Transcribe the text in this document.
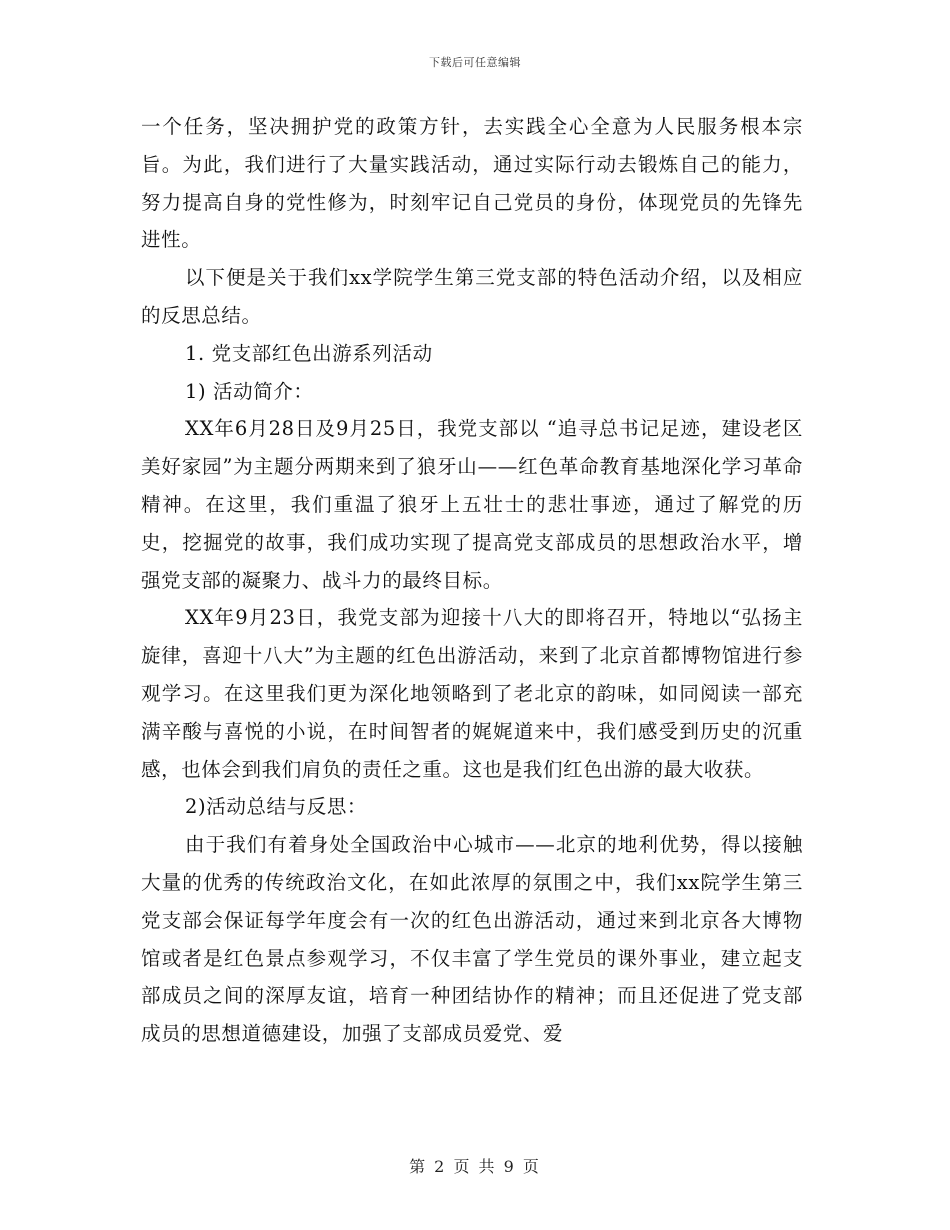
下载后可任意编辑

一个任务，坚决拥护党的政策方针，去实践全心全意为人民服务根本宗旨。为此，我们进行了大量实践活动，通过实际行动去锻炼自己的能力，努力提高自身的党性修为，时刻牢记自己党员的身份，体现党员的先锋先进性。

以下便是关于我们xx学院学生第三党支部的特色活动介绍，以及相应的反思总结。

1. 党支部红色出游系列活动

1) 活动简介：

XX年6月28日及9月25日，我党支部以 “追寻总书记足迹，建设老区美好家园”为主题分两期来到了狼牙山——红色革命教育基地深化学习革命精神。在这里，我们重温了狼牙上五壮士的悲壮事迹，通过了解党的历史，挖掘党的故事，我们成功实现了提高党支部成员的思想政治水平，增强党支部的凝聚力、战斗力的最终目标。

XX年9月23日，我党支部为迎接十八大的即将召开，特地以“弘扬主旋律，喜迎十八大”为主题的红色出游活动，来到了北京首都博物馆进行参观学习。在这里我们更为深化地领略到了老北京的韵味，如同阅读一部充满辛酸与喜悦的小说，在时间智者的娓娓道来中，我们感受到历史的沉重感，也体会到我们肩负的责任之重。这也是我们红色出游的最大收获。

2)活动总结与反思：

由于我们有着身处全国政治中心城市——北京的地利优势，得以接触大量的优秀的传统政治文化，在如此浓厚的氛围之中，我们xx院学生第三党支部会保证每学年度会有一次的红色出游活动，通过来到北京各大博物馆或者是红色景点参观学习，不仅丰富了学生党员的课外事业，建立起支部成员之间的深厚友谊，培育一种团结协作的精神；而且还促进了党支部成员的思想道德建设，加强了支部成员爱党、爱

第 2 页 共 9 页
